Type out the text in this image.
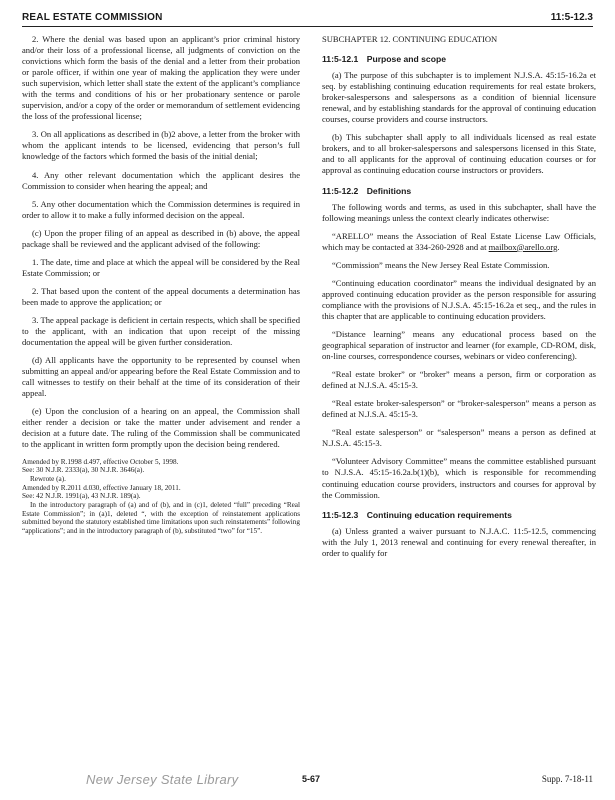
REAL ESTATE COMMISSION	11:5-12.3

2. Where the denial was based upon an applicant’s prior criminal history and/or their loss of a professional license, all judgments of conviction on the convictions which form the basis of the denial and a letter from their probation or parole officer, if within one year of making the application they were under such supervision, which letter shall state the extent of the applicant’s compliance with the terms and conditions of his or her probationary sentence or parole supervision, and/or a copy of the order or memorandum of settlement evidencing the loss of the professional license;

3. On all applications as described in (b)2 above, a letter from the broker with whom the applicant intends to be licensed, evidencing that person’s full knowledge of the factors which formed the basis of the initial denial;

4. Any other relevant documentation which the applicant desires the Commission to consider when hearing the appeal; and

5. Any other documentation which the Commission determines is required in order to allow it to make a fully informed decision on the appeal.

(c) Upon the proper filing of an appeal as described in (b) above, the appeal package shall be reviewed and the applicant advised of the following:

1. The date, time and place at which the appeal will be considered by the Real Estate Commission; or

2. That based upon the content of the appeal documents a determination has been made to approve the application; or

3. The appeal package is deficient in certain respects, which shall be specified to the applicant, with an indication that upon receipt of the missing documentation the appeal will be given further consideration.

(d) All applicants have the opportunity to be represented by counsel when submitting an appeal and/or appearing before the Real Estate Commission and to call witnesses to testify on their behalf at the time of its consideration of their appeal.

(e) Upon the conclusion of a hearing on an appeal, the Commission shall either render a decision or take the matter under advisement and render a decision at a future date. The ruling of the Commission shall be communicated to the applicant in written form promptly upon the decision being rendered.

Amended by R.1998 d.497, effective October 5, 1998.
See: 30 N.J.R. 2333(a), 30 N.J.R. 3646(a).
Rewrote (a).
Amended by R.2011 d.030, effective January 18, 2011.
See: 42 N.J.R. 1991(a), 43 N.J.R. 189(a).
In the introductory paragraph of (a) and of (b), and in (c)1, deleted “full” preceding “Real Estate Commission”; in (a)1, deleted “, with the exception of reinstatement applications submitted beyond the statutory established time limitations upon such reinstatements” following “applications”; and in the introductory paragraph of (b), substituted “two” for “15”.

SUBCHAPTER 12. CONTINUING EDUCATION

11:5-12.1 Purpose and scope

(a) The purpose of this subchapter is to implement N.J.S.A. 45:15-16.2a et seq. by establishing continuing education requirements for real estate brokers, broker-salespersons and salespersons as a condition of biennial licensure renewal, and by establishing standards for the approval of continuing education courses, course providers and course instructors.

(b) This subchapter shall apply to all individuals licensed as real estate brokers, and to all broker-salespersons and salespersons licensed in this State, and to all applicants for the approval of continuing education courses or for approval as continuing education course instructors or providers.

11:5-12.2 Definitions

The following words and terms, as used in this subchapter, shall have the following meanings unless the context clearly indicates otherwise:

“ARELLO” means the Association of Real Estate License Law Officials, which may be contacted at 334-260-2928 and at mailbox@arello.org.

“Commission” means the New Jersey Real Estate Commission.

“Continuing education coordinator” means the individual designated by an approved continuing education provider as the person responsible for assuring compliance with the provisions of N.J.S.A. 45:15-16.2a et seq., and the rules in this chapter that are applicable to continuing education providers.

“Distance learning” means any educational process based on the geographical separation of instructor and learner (for example, CD-ROM, disk, on-line courses, correspondence courses, webinars or video conferencing).

“Real estate broker” or “broker” means a person, firm or corporation as defined at N.J.S.A. 45:15-3.

“Real estate broker-salesperson” or “broker-salesperson” means a person as defined at N.J.S.A. 45:15-3.

“Real estate salesperson” or “salesperson” means a person as defined at N.J.S.A. 45:15-3.

“Volunteer Advisory Committee” means the committee established pursuant to N.J.S.A. 45:15-16.2a.b(1)(b), which is responsible for recommending continuing education course providers, instructors and courses for approval by the Commission.

11:5-12.3 Continuing education requirements

(a) Unless granted a waiver pursuant to N.J.A.C. 11:5-12.5, commencing with the July 1, 2013 renewal and continuing for every renewal thereafter, in order to qualify for

New Jersey State Library	5-67	Supp. 7-18-11
